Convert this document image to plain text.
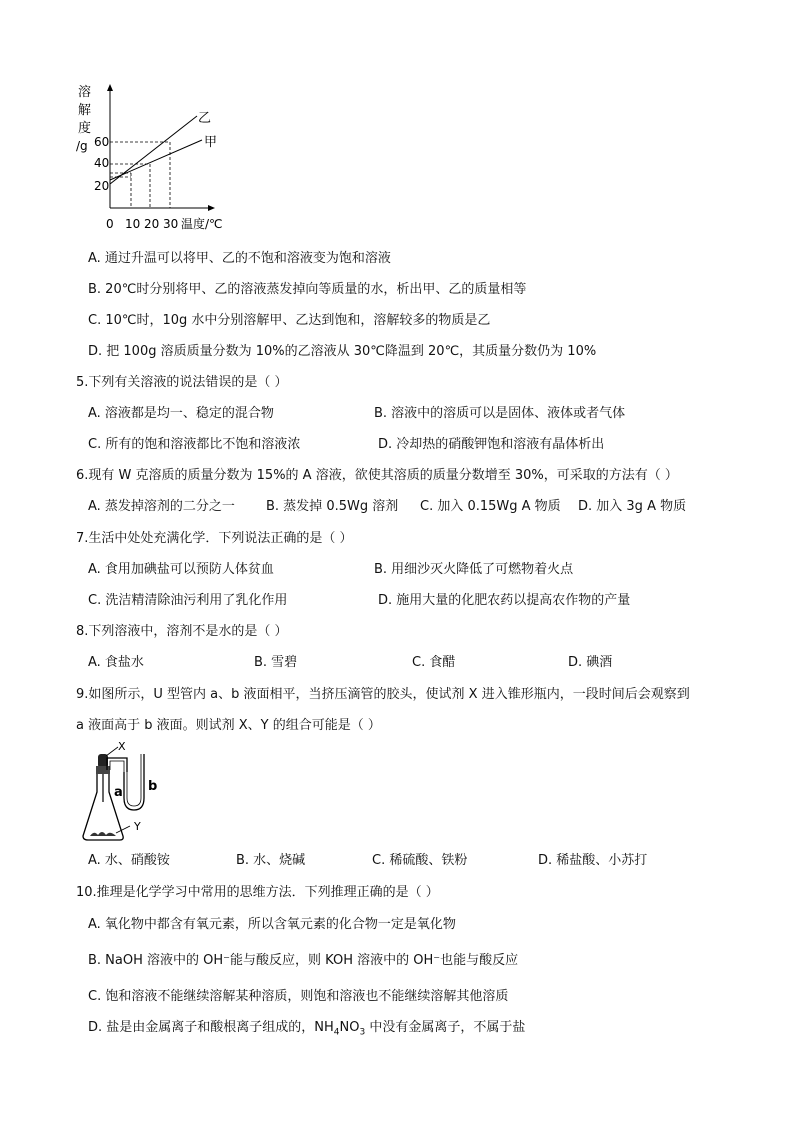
溶
解
度
/g 60
40
20
乙
甲
0 10 20 30 温度/℃
A. 通过升温可以将甲、乙的不饱和溶液变为饱和溶液
B. 20℃时分别将甲、乙的溶液蒸发掉向等质量的水，析出甲、乙的质量相等
C. 10℃时，10g 水中分别溶解甲、乙达到饱和，溶解较多的物质是乙
D. 把 100g 溶质质量分数为 10%的乙溶液从 30℃降温到 20℃，其质量分数仍为 10%
5.下列有关溶液的说法错误的是（ ）
A. 溶液都是均一、稳定的混合物	B. 溶液中的溶质可以是固体、液体或者气体
C. 所有的饱和溶液都比不饱和溶液浓	D. 冷却热的硝酸钾饱和溶液有晶体析出
6.现有 W 克溶质的质量分数为 15%的 A 溶液，欲使其溶质的质量分数增至 30%，可采取的方法有（ ）
A. 蒸发掉溶剂的二分之一 B. 蒸发掉 0.5Wg 溶剂 C. 加入 0.15Wg A 物质 D. 加入 3g A 物质
7.生活中处处充满化学．下列说法正确的是（ ）
A. 食用加碘盐可以预防人体贫血	B. 用细沙灭火降低了可燃物着火点
C. 洗洁精清除油污利用了乳化作用	D. 施用大量的化肥农药以提高农作物的产量
8.下列溶液中，溶剂不是水的是（ ）
A. 食盐水	B. 雪碧	C. 食醋	D. 碘酒
9.如图所示，U 型管内 a、b 液面相平，当挤压滴管的胶头，使试剂 X 进入锥形瓶内，一段时间后会观察到
a 液面高于 b 液面。则试剂 X、Y 的组合可能是（ ）
X
a b
Y
A. 水、硝酸铵	B. 水、烧碱	C. 稀硫酸、铁粉	D. 稀盐酸、小苏打
10.推理是化学学习中常用的思维方法．下列推理正确的是（ ）
A. 氧化物中都含有氧元素，所以含氧元素的化合物一定是氧化物
B. NaOH 溶液中的 OH⁻能与酸反应，则 KOH 溶液中的 OH⁻也能与酸反应
C. 饱和溶液不能继续溶解某种溶质，则饱和溶液也不能继续溶解其他溶质
D. 盐是由金属离子和酸根离子组成的，$NH_4NO_3$ 中没有金属离子，不属于盐
